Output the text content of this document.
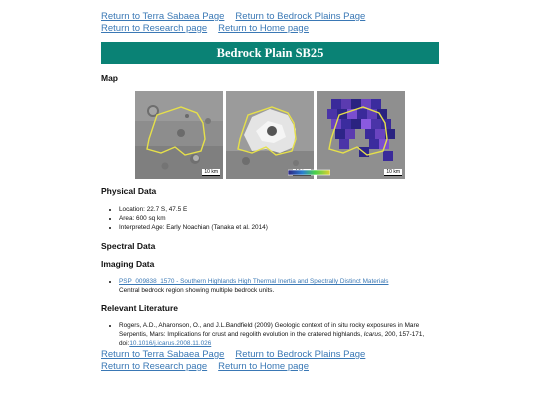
Return to Terra Sabaea Page Return to Bedrock Plains Page
Return to Research page Return to Home page
Bedrock Plain SB25
Map
10 km	10 km
Physical Data
• Location: 22.7 S, 47.5 E
• Area: 600 sq km
• Interpreted Age: Early Noachian (Tanaka et al. 2014)
Spectral Data
Imaging Data
• PSP_009838_1570 - Southern Highlands High Thermal Inertia and Spectrally Distinct Materials
Central bedrock region showing multiple bedrock units.
Relevant Literature
• Rogers, A.D., Aharonson, O., and J.L.Bandfield (2009) Geologic context of in situ rocky exposures in Mare Serpentis, Mars: Implications for crust and regolith evolution in the cratered highlands, Icarus, 200, 157-171, doi:10.1016/j.icarus.2008.11.026
Return to Terra Sabaea Page Return to Bedrock Plains Page
Return to Research page Return to Home page
